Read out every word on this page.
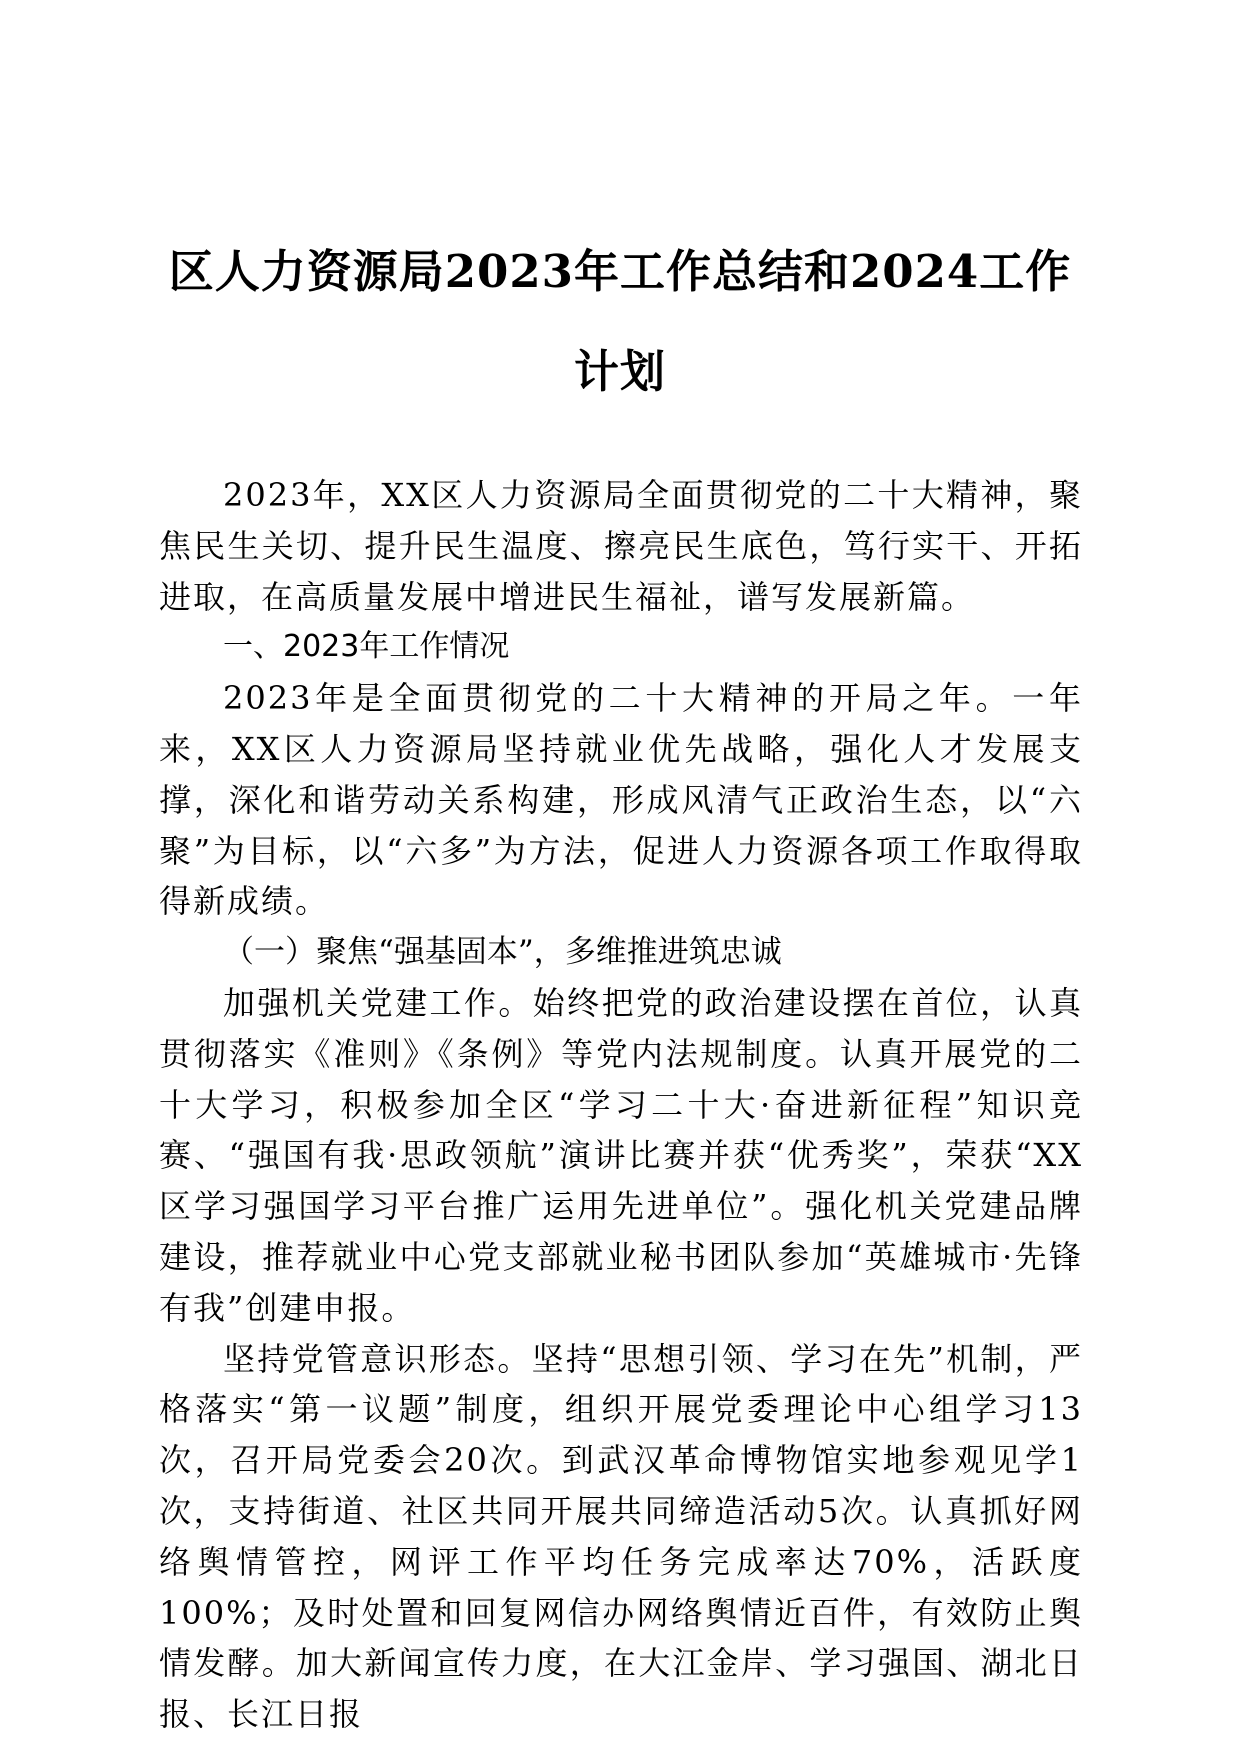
区人力资源局2023年工作总结和2024工作计划

2023年，XX区人力资源局全面贯彻党的二十大精神，聚焦民生关切、提升民生温度、擦亮民生底色，笃行实干、开拓进取，在高质量发展中增进民生福祉，谱写发展新篇。

一、2023年工作情况

2023年是全面贯彻党的二十大精神的开局之年。一年来，XX区人力资源局坚持就业优先战略，强化人才发展支撑，深化和谐劳动关系构建，形成风清气正政治生态，以“六聚”为目标，以“六多”为方法，促进人力资源各项工作取得取得新成绩。

（一）聚焦“强基固本”，多维推进筑忠诚

加强机关党建工作。始终把党的政治建设摆在首位，认真贯彻落实《准则》《条例》等党内法规制度。认真开展党的二十大学习，积极参加全区“学习二十大·奋进新征程”知识竞赛、“强国有我·思政领航”演讲比赛并获“优秀奖”，荣获“XX区学习强国学习平台推广运用先进单位”。强化机关党建品牌建设，推荐就业中心党支部就业秘书团队参加“英雄城市·先锋有我”创建申报。

坚持党管意识形态。坚持“思想引领、学习在先”机制，严格落实“第一议题”制度，组织开展党委理论中心组学习13次，召开局党委会20次。到武汉革命博物馆实地参观见学1次，支持街道、社区共同开展共同缔造活动5次。认真抓好网络舆情管控，网评工作平均任务完成率达70%，活跃度100%；及时处置和回复网信办网络舆情近百件，有效防止舆情发酵。加大新闻宣传力度，在大江金岸、学习强国、湖北日报、长江日报
